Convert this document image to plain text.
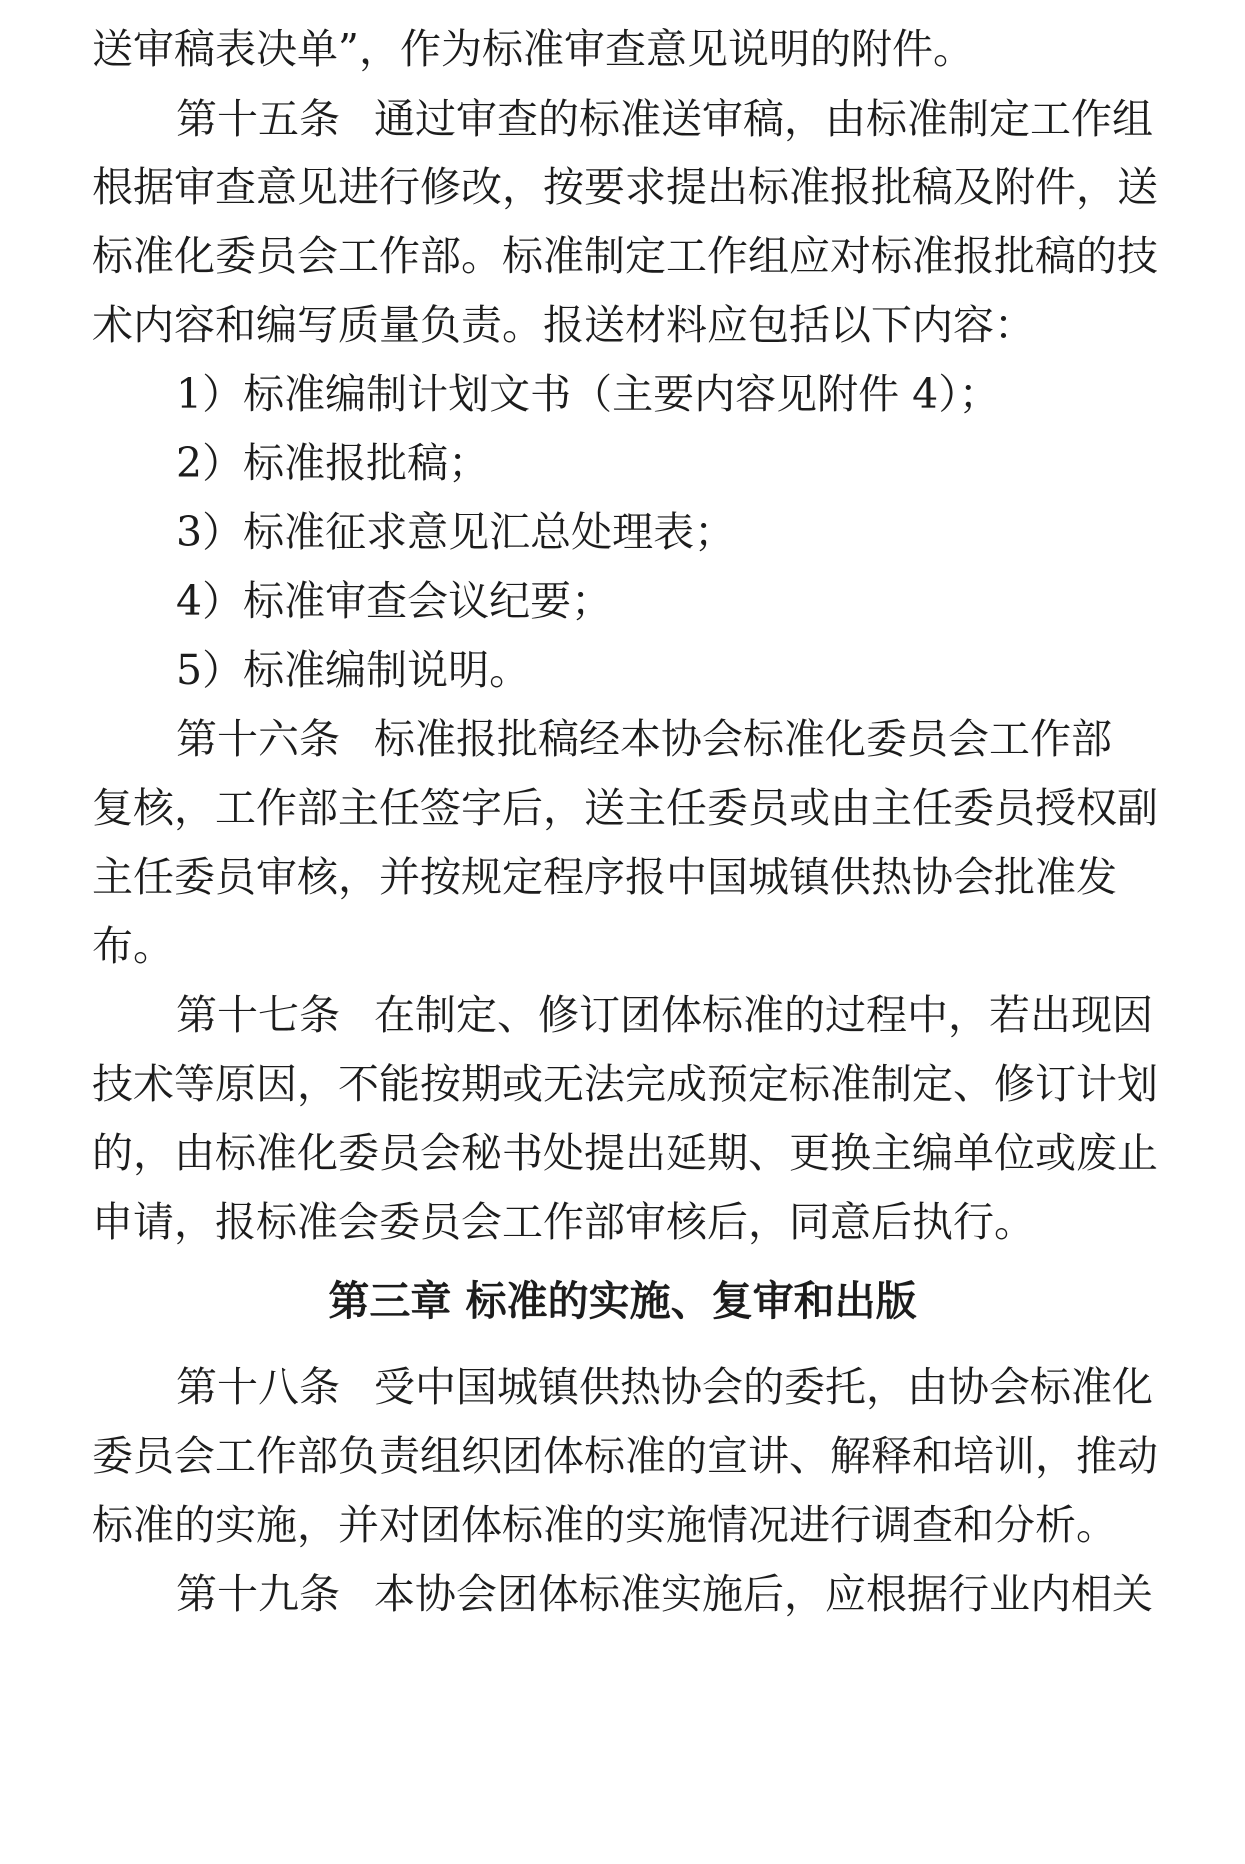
送审稿表决单”，作为标准审查意见说明的附件。
第十五条 通过审查的标准送审稿，由标准制定工作组
根据审查意见进行修改，按要求提出标准报批稿及附件，送
标准化委员会工作部。标准制定工作组应对标准报批稿的技
术内容和编写质量负责。报送材料应包括以下内容：
1）标准编制计划文书（主要内容见附件 4）；
2）标准报批稿；
3）标准征求意见汇总处理表；
4）标准审查会议纪要；
5）标准编制说明。
第十六条 标准报批稿经本协会标准化委员会工作部
复核，工作部主任签字后，送主任委员或由主任委员授权副
主任委员审核，并按规定程序报中国城镇供热协会批准发
布。
第十七条 在制定、修订团体标准的过程中，若出现因
技术等原因，不能按期或无法完成预定标准制定、修订计划
的，由标准化委员会秘书处提出延期、更换主编单位或废止
申请，报标准会委员会工作部审核后，同意后执行。
第三章 标准的实施、复审和出版
第十八条 受中国城镇供热协会的委托，由协会标准化
委员会工作部负责组织团体标准的宣讲、解释和培训，推动
标准的实施，并对团体标准的实施情况进行调查和分析。
第十九条 本协会团体标准实施后，应根据行业内相关
